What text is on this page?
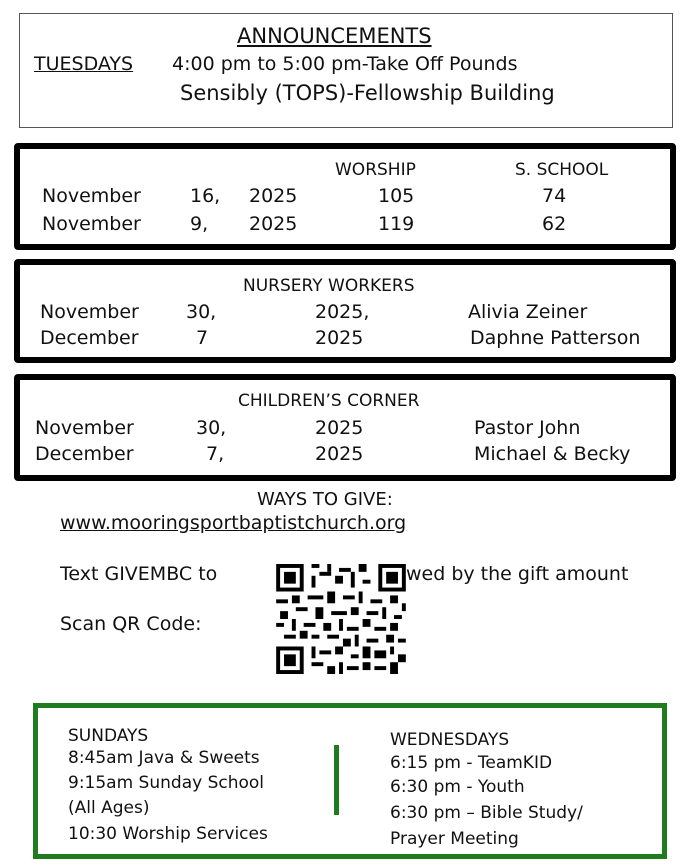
ANNOUNCEMENTS
TUESDAYS 4:00 pm to 5:00 pm-Take Off Pounds
Sensibly (TOPS)-Fellowship Building
WORSHIP	S. SCHOOL
November	16, 2025	105	74
November	9, 2025	119	62
NURSERY WORKERS
November 30,	2025,	Alivia Zeiner
December	7	2025	Daphne Patterson
CHILDREN’S CORNER
November	30,	2025	Pastor John
December	7,	2025	Michael & Becky
WAYS TO GIVE:
www.mooringsportbaptistchurch.org
Text GIVEMBC to	wed by the gift amount
Scan QR Code:
SUNDAYS
8:45am Java & Sweets
9:15am Sunday School
(All Ages)
10:30 Worship Services
WEDNESDAYS
6:15 pm - TeamKID
6:30 pm - Youth
6:30 pm – Bible Study/
Prayer Meeting
